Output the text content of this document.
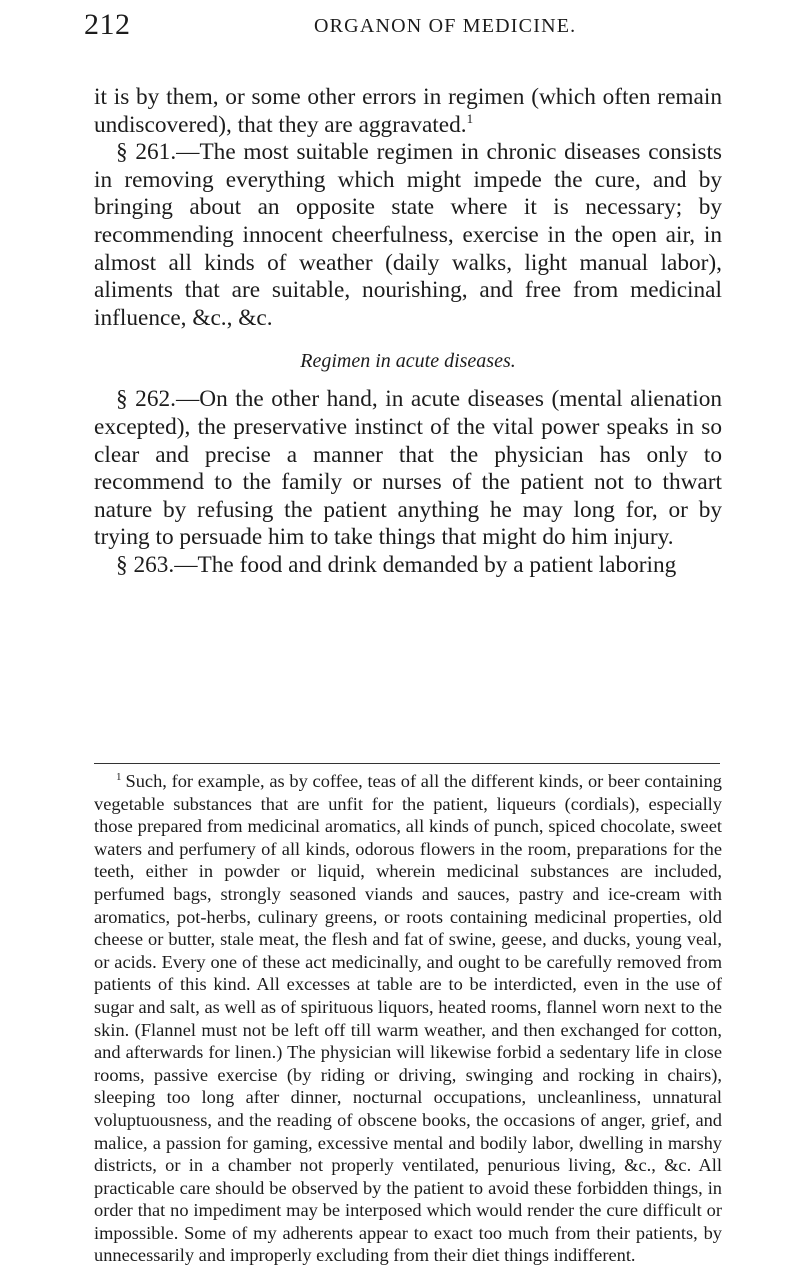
212	ORGANON OF MEDICINE.

it is by them, or some other errors in regimen (which often remain undiscovered), that they are aggravated.$^1$

§ 261.—The most suitable regimen in chronic diseases consists in removing everything which might impede the cure, and by bringing about an opposite state where it is necessary; by recommending innocent cheerfulness, exercise in the open air, in almost all kinds of weather (daily walks, light manual labor), aliments that are suitable, nourishing, and free from medicinal influence, &c., &c.

Regimen in acute diseases.

§ 262.—On the other hand, in acute diseases (mental alienation excepted), the preservative instinct of the vital power speaks in so clear and precise a manner that the physician has only to recommend to the family or nurses of the patient not to thwart nature by refusing the patient anything he may long for, or by trying to persuade him to take things that might do him injury.

§ 263.—The food and drink demanded by a patient laboring

$^1$ Such, for example, as by coffee, teas of all the different kinds, or beer containing vegetable substances that are unfit for the patient, liqueurs (cordials), especially those prepared from medicinal aromatics, all kinds of punch, spiced chocolate, sweet waters and perfumery of all kinds, odorous flowers in the room, preparations for the teeth, either in powder or liquid, wherein medicinal substances are included, perfumed bags, strongly seasoned viands and sauces, pastry and ice-cream with aromatics, pot-herbs, culinary greens, or roots containing medicinal properties, old cheese or butter, stale meat, the flesh and fat of swine, geese, and ducks, young veal, or acids. Every one of these act medicinally, and ought to be carefully removed from patients of this kind. All excesses at table are to be interdicted, even in the use of sugar and salt, as well as of spirituous liquors, heated rooms, flannel worn next to the skin. (Flannel must not be left off till warm weather, and then exchanged for cotton, and afterwards for linen.) The physician will likewise forbid a sedentary life in close rooms, passive exercise (by riding or driving, swinging and rocking in chairs), sleeping too long after dinner, nocturnal occupations, uncleanliness, unnatural voluptuousness, and the reading of obscene books, the occasions of anger, grief, and malice, a passion for gaming, excessive mental and bodily labor, dwelling in marshy districts, or in a chamber not properly ventilated, penurious living, &c., &c. All practicable care should be observed by the patient to avoid these forbidden things, in order that no impediment may be interposed which would render the cure difficult or impossible. Some of my adherents appear to exact too much from their patients, by unnecessarily and improperly excluding from their diet things indifferent.
